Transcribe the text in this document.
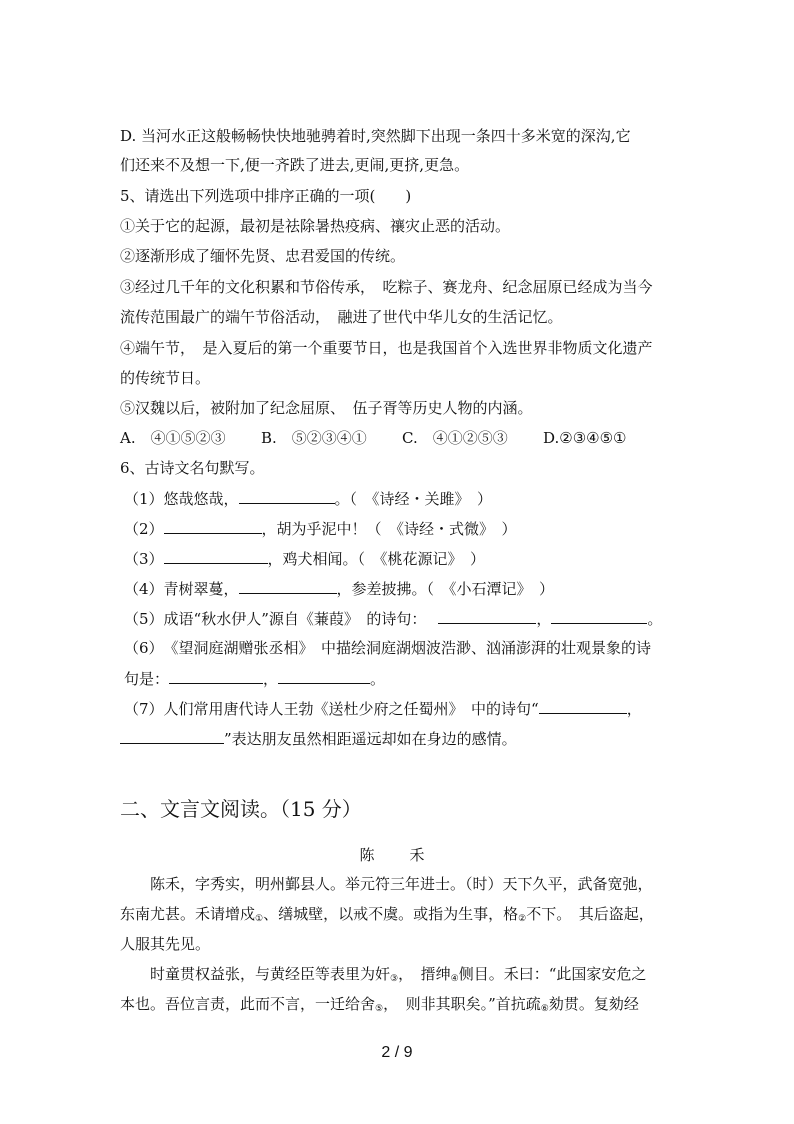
D. 当河水正这般畅畅快快地驰骋着时,突然脚下出现一条四十多米宽的深沟,它
们还来不及想一下,便一齐跌了进去,更闹,更挤,更急。
5、请选出下列选项中排序正确的一项(　　)
①关于它的起源，最初是祛除暑热疫病、禳灾止恶的活动。
②逐渐形成了缅怀先贤、忠君爱国的传统。
③经过几千年的文化积累和节俗传承，　吃粽子、赛龙舟、纪念屈原已经成为当今
流传范围最广的端午节俗活动，　融进了世代中华儿女的生活记忆。
④端午节，　是入夏后的第一个重要节日，也是我国首个入选世界非物质文化遗产
的传统节日。
⑤汉魏以后，被附加了纪念屈原、　伍子胥等历史人物的内涵。
A.　④①⑤②③ B.　⑤②③④① C.　④①②⑤③ D.②③④⑤①
6、古诗文名句默写。
（1）悠哉悠哉，	。（　《诗经・关雎》　）
（2）	，胡为乎泥中！（　《诗经・式微》　）
（3）	，鸡犬相闻。（　《桃花源记》　）
（4）青树翠蔓，	，参差披拂。（　《小石潭记》　）
（5）成语“秋水伊人”源自《蒹葭》　的诗句：	，	。
（6）　《望洞庭湖赠张丞相》　中描绘洞庭湖烟波浩渺、汹涌澎湃的壮观景象的诗
句是：	，	。
（7）人们常用唐代诗人王勃《送杜少府之任蜀州》　中的诗句“	，
”表达朋友虽然相距遥远却如在身边的感情。
二、文言文阅读。（15 分）
陈　禾
陈禾，字秀实，明州鄞县人。举元符三年进士。（时）天下久平，武备宽弛，
东南尤甚。禾请增戍$_①$、缮城壁，以戒不虞。或指为生事，格$_②$不下。　其后盗起，
人服其先见。
时童贯权益张，与黄经臣等表里为奸$_③$，　搢绅$_④$侧目。禾曰：“此国家安危之
本也。吾位言责，此而不言，一迁给舍$_⑤$，　则非其职矣。”首抗疏$_⑥$劾贯。复劾经
2 / 9
